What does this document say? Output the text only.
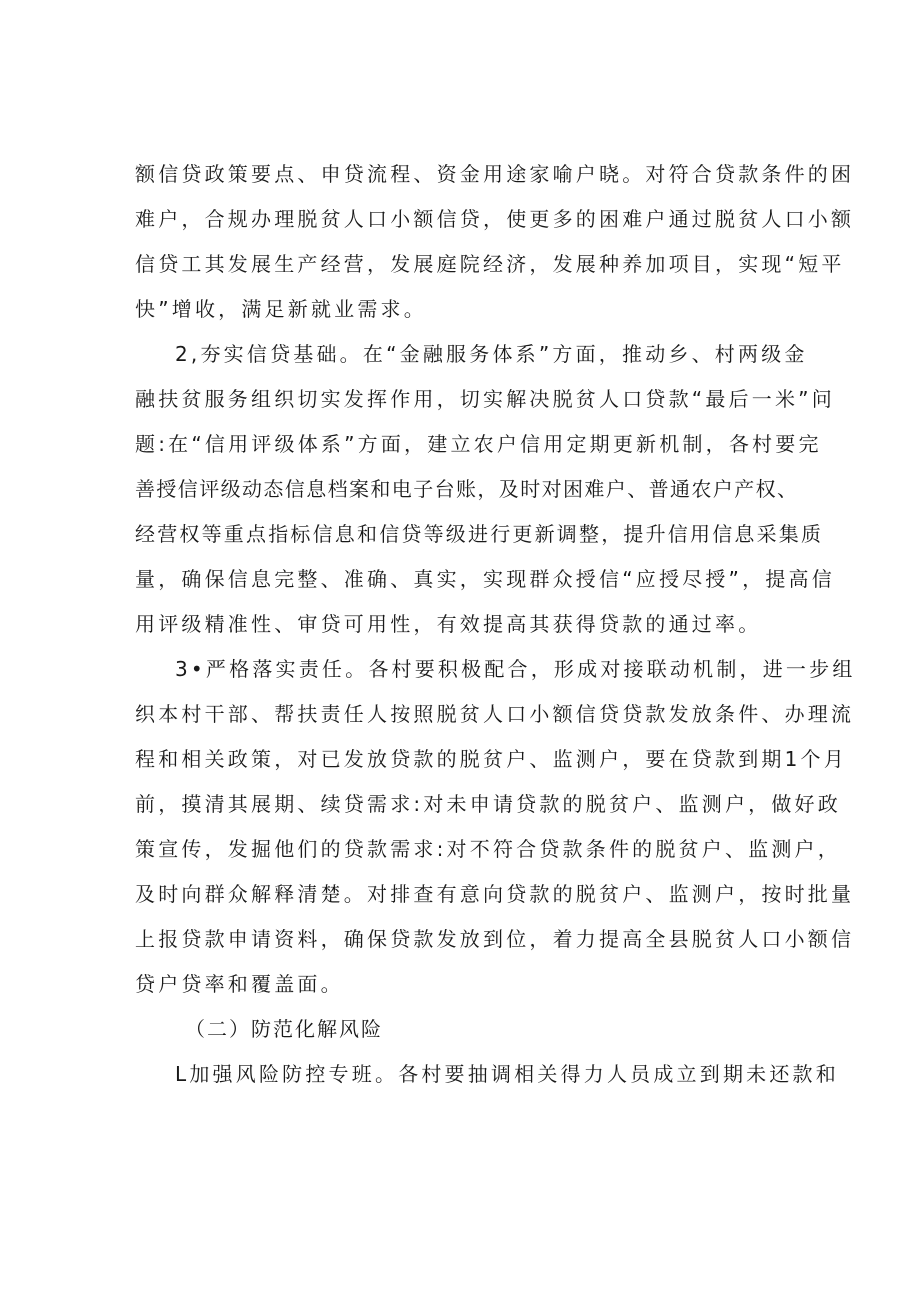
额信贷政策要点、申贷流程、资金用途家喻户晓。对符合贷款条件的困

难户，合规办理脱贫人口小额信贷，使更多的困难户通过脱贫人口小额

信贷工其发展生产经营，发展庭院经济，发展种养加项目，实现“短平

快”增收，满足新就业需求。

2,夯实信贷基础。在“金融服务体系”方面，推动乡、村两级金

融扶贫服务组织切实发挥作用，切实解决脱贫人口贷款“最后一米”问

题:在“信用评级体系”方面，建立农户信用定期更新机制，各村要完

善授信评级动态信息档案和电子台账，及时对困难户、普通农户产权、

经营权等重点指标信息和信贷等级进行更新调整，提升信用信息采集质

量，确保信息完整、准确、真实，实现群众授信“应授尽授”，提高信

用评级精准性、审贷可用性，有效提高其获得贷款的通过率。

3•严格落实责任。各村要积极配合，形成对接联动机制，进一步组

织本村干部、帮扶责任人按照脱贫人口小额信贷贷款发放条件、办理流

程和相关政策，对已发放贷款的脱贫户、监测户，要在贷款到期1个月

前，摸清其展期、续贷需求:对未申请贷款的脱贫户、监测户，做好政

策宣传，发掘他们的贷款需求:对不符合贷款条件的脱贫户、监测户，

及时向群众解释清楚。对排查有意向贷款的脱贫户、监测户，按时批量

上报贷款申请资料，确保贷款发放到位，着力提高全县脱贫人口小额信

贷户贷率和覆盖面。

（二）防范化解风险

L加强风险防控专班。各村要抽调相关得力人员成立到期未还款和
